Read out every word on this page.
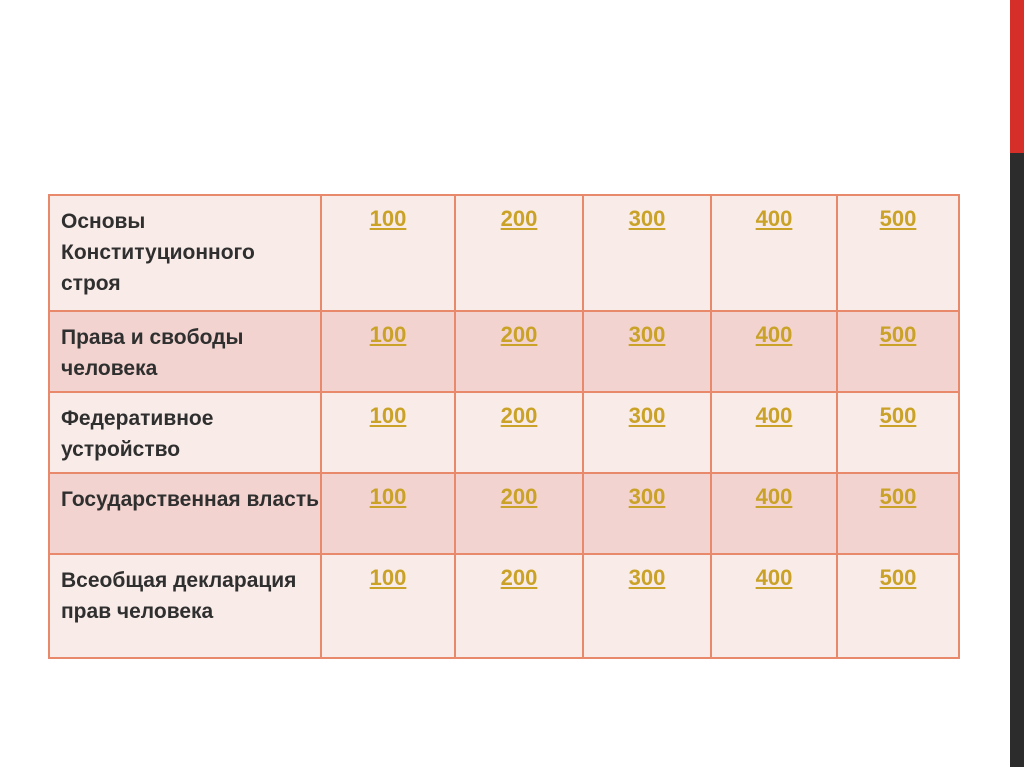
Основы Конституционного строя	100	200	300	400	500
Права и свободы человека	100	200	300	400	500
Федеративное устройство	100	200	300	400	500
Государственная власть	100	200	300	400	500
Всеобщая декларация прав человека	100	200	300	400	500
